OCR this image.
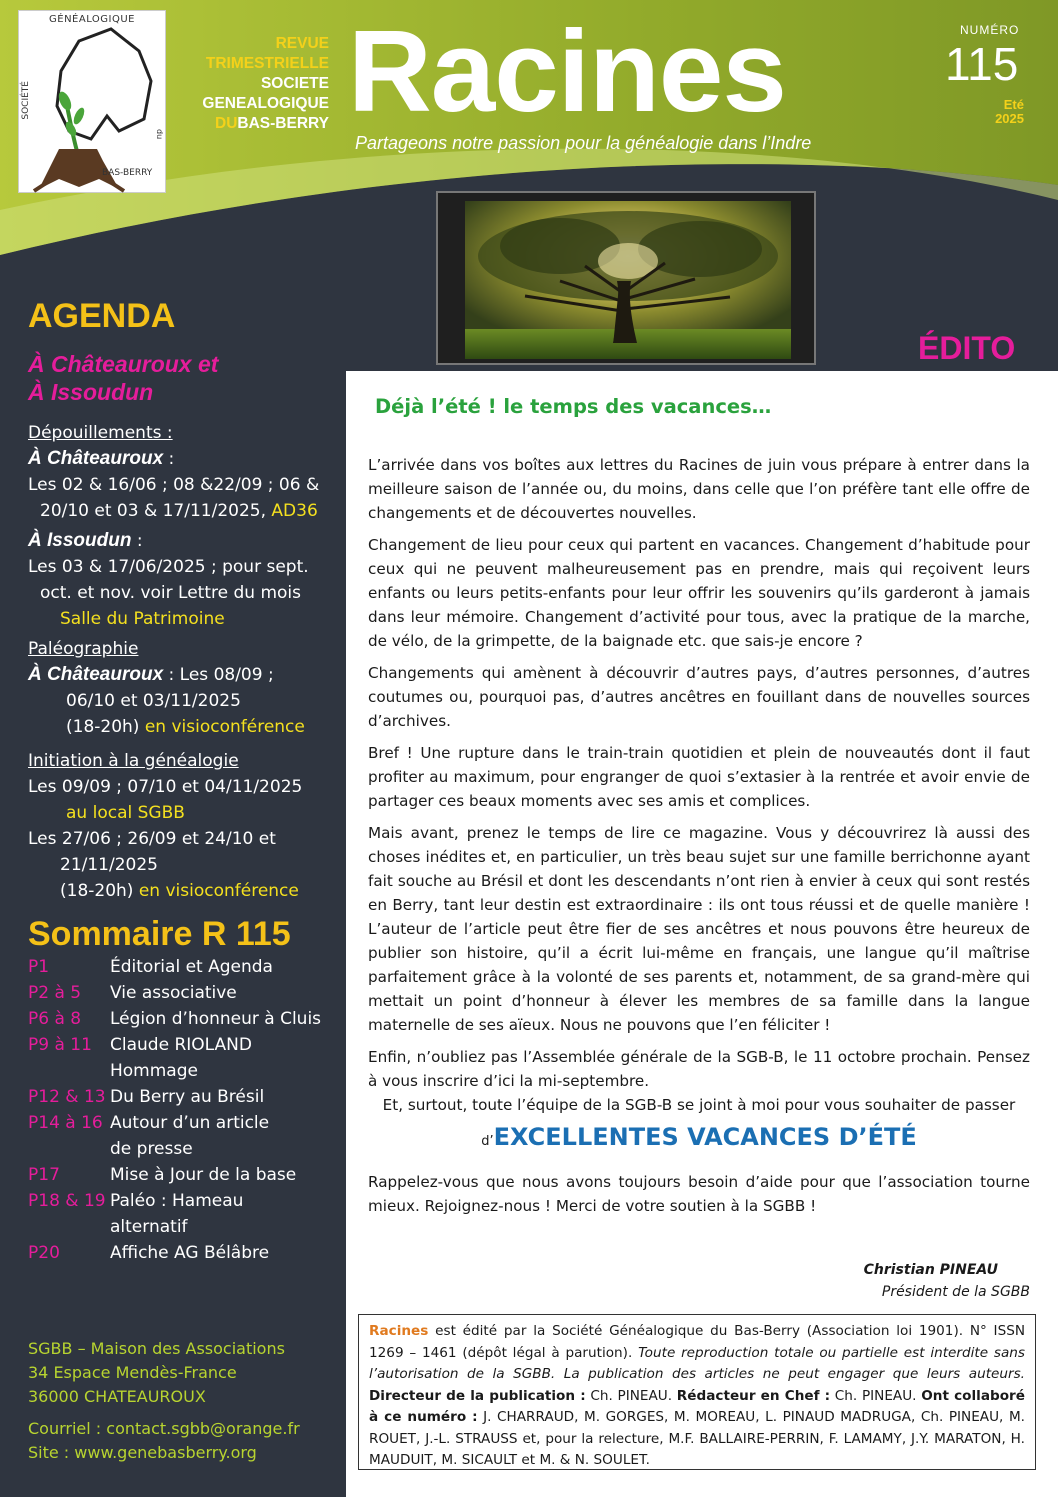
GÉNÉALOGIQUE
SOCIÉTÉ
du
BAS-BERRY
REVUE
TRIMESTRIELLE
SOCIETE
GENEALOGIQUE
DUBAS-BERRY Racines
Partageons notre passion pour la généalogie dans l’Indre
NUMÉRO
115
Eté
2025
AGENDA
À Châteauroux et
À Issoudun
Dépouillements :
À Châteauroux :
Les 02 & 16/06 ; 08 &22/09 ; 06 &
20/10 et 03 & 17/11/2025, AD36
À Issoudun :
Les 03 & 17/06/2025 ; pour sept.
oct. et nov. voir Lettre du mois
Salle du Patrimoine
Paléographie
À Châteauroux : Les 08/09 ;
06/10 et 03/11/2025
(18-20h) en visioconférence
Initiation à la généalogie
Les 09/09 ; 07/10 et 04/11/2025
au local SGBB
Les 27/06 ; 26/09 et 24/10 et
21/11/2025
(18-20h) en visioconférence
Sommaire R 115
P1	Éditorial et Agenda
P2 à 5	Vie associative
P6 à 8	Légion d’honneur à Cluis
P9 à 11	Claude RIOLAND
Hommage
P12 & 13 Du Berry au Brésil
P14 à 16 Autour d’un article
de presse
P17	Mise à Jour de la base
P18 & 19 Paléo : Hameau
alternatif
P20	Affiche AG Bélâbre
SGBB – Maison des Associations
34 Espace Mendès-France
36000 CHATEAUROUX
Courriel : contact.sgbb@orange.fr
Site : www.genebasberry.org
ÉDITO
Déjà l’été ! le temps des vacances…

L’arrivée dans vos boîtes aux lettres du Racines de juin vous prépare à entrer dans la meilleure saison de l’année ou, du moins, dans celle que l’on préfère tant elle offre de changements et de découvertes nouvelles.

Changement de lieu pour ceux qui partent en vacances. Changement d’habitude pour ceux qui ne peuvent malheureusement pas en prendre, mais qui reçoivent leurs enfants ou leurs petits-enfants pour leur offrir les souvenirs qu’ils garderont à jamais dans leur mémoire. Changement d’activité pour tous, avec la pratique de la marche, de vélo, de la grimpette, de la baignade etc. que sais-je encore ?

Changements qui amènent à découvrir d’autres pays, d’autres personnes, d’autres coutumes ou, pourquoi pas, d’autres ancêtres en fouillant dans de nouvelles sources d’archives.

Bref ! Une rupture dans le train-train quotidien et plein de nouveautés dont il faut profiter au maximum, pour engranger de quoi s’extasier à la rentrée et avoir envie de partager ces beaux moments avec ses amis et complices.

Mais avant, prenez le temps de lire ce magazine. Vous y découvrirez là aussi des choses inédites et, en particulier, un très beau sujet sur une famille berrichonne ayant fait souche au Brésil et dont les descendants n’ont rien à envier à ceux qui sont restés en Berry, tant leur destin est extraordinaire : ils ont tous réussi et de quelle manière ! L’auteur de l’article peut être fier de ses ancêtres et nous pouvons être heureux de publier son histoire, qu’il a écrit lui-même en français, une langue qu’il maîtrise parfaitement grâce à la volonté de ses parents et, notamment, de sa grand-mère qui mettait un point d’honneur à élever les membres de sa famille dans la langue maternelle de ses aïeux. Nous ne pouvons que l’en féliciter !

Enfin, n’oubliez pas l’Assemblée générale de la SGB-B, le 11 octobre prochain. Pensez à vous inscrire d’ici la mi-septembre.

Et, surtout, toute l’équipe de la SGB-B se joint à moi pour vous souhaiter de passer

d’EXCELLENTES VACANCES D’ÉTÉ

Rappelez-vous que nous avons toujours besoin d’aide pour que l’association tourne mieux. Rejoignez-nous ! Merci de votre soutien à la SGBB !

Christian PINEAU
Président de la SGBB
Racines est édité par la Société Généalogique du Bas-Berry (Association loi 1901). N° ISSN 1269 – 1461 (dépôt légal à parution). Toute reproduction totale ou partielle est interdite sans l’autorisation de la SGBB. La publication des articles ne peut engager que leurs auteurs. Directeur de la publication : Ch. PINEAU. Rédacteur en Chef : Ch. PINEAU. Ont collaboré à ce numéro : J. CHARRAUD, M. GORGES, M. MOREAU, L. PINAUD MADRUGA, Ch. PINEAU, M. ROUET, J.-L. STRAUSS et, pour la relecture, M.F. BALLAIRE-PERRIN, F. LAMAMY, J.Y. MARATON, H. MAUDUIT, M. SICAULT et M. & N. SOULET.
